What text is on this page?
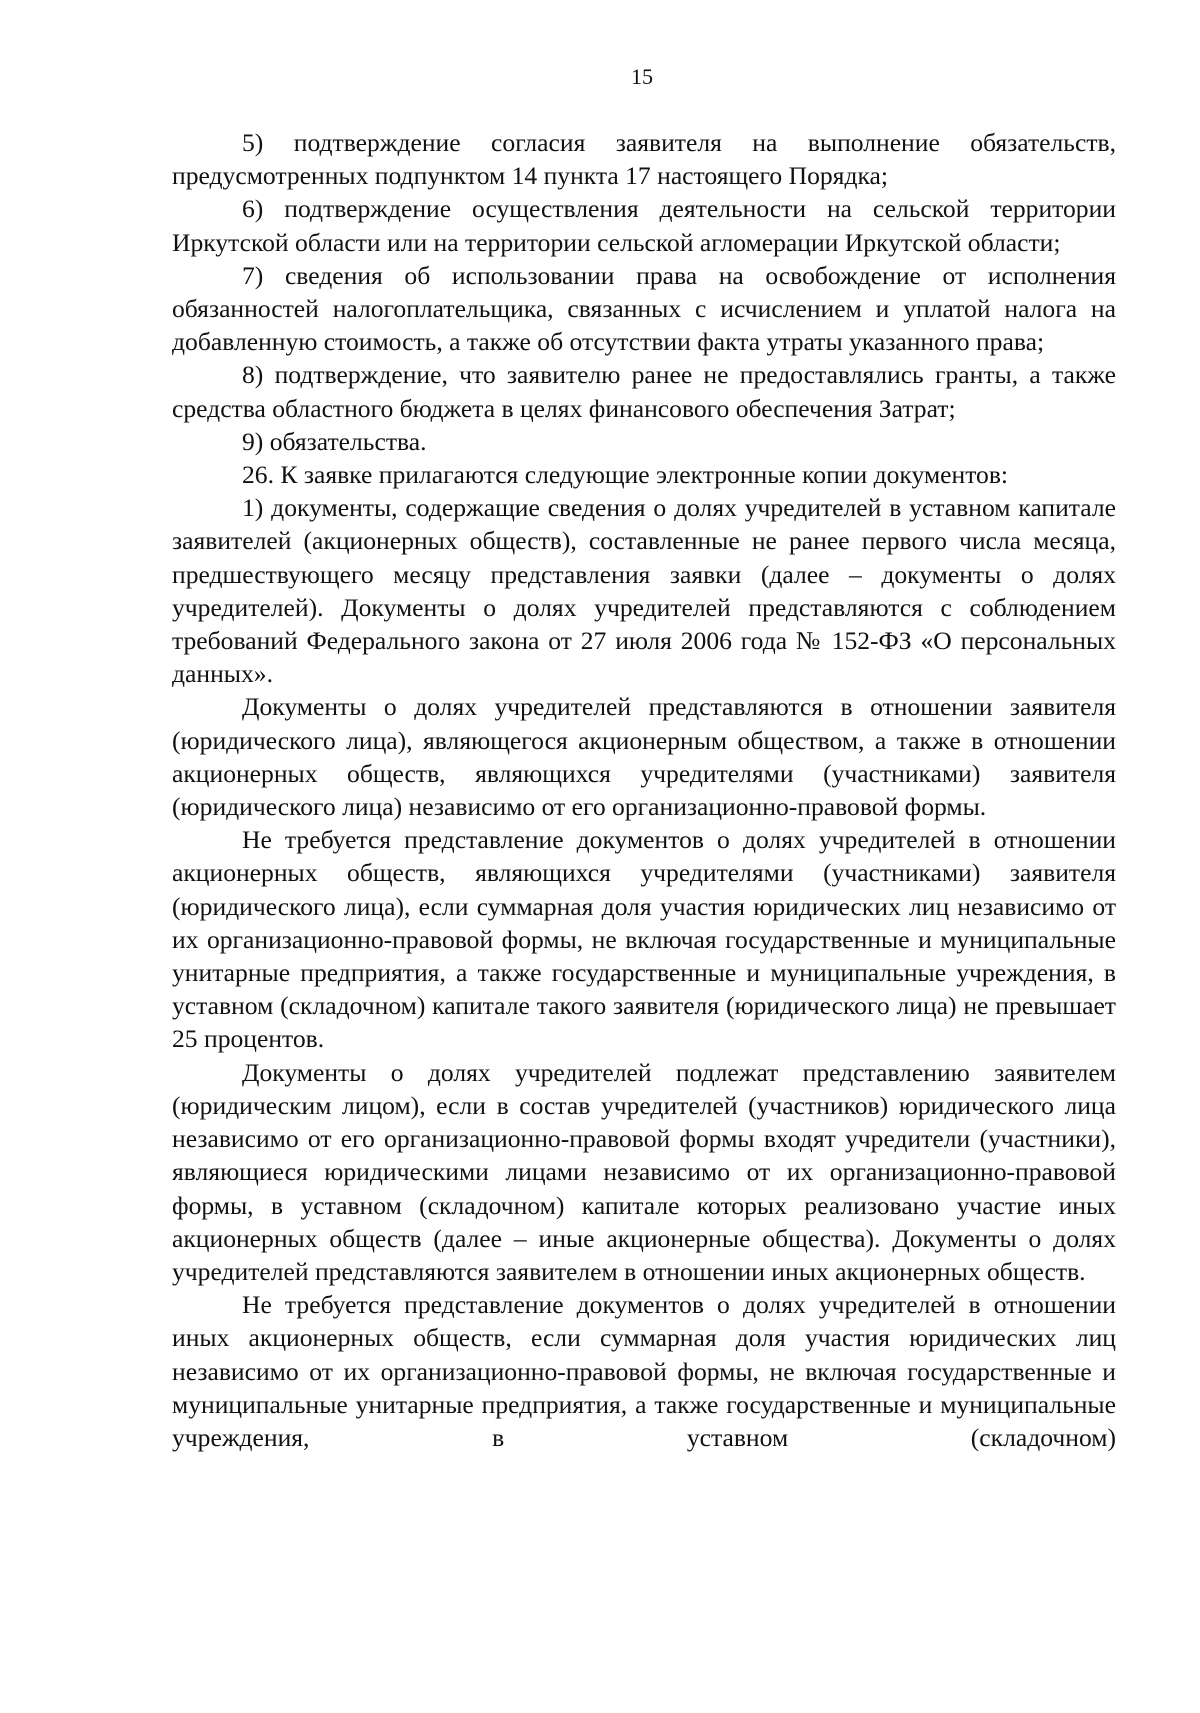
15

5) подтверждение согласия заявителя на выполнение обязательств, предусмотренных подпунктом 14 пункта 17 настоящего Порядка;

6) подтверждение осуществления деятельности на сельской территории Иркутской области или на территории сельской агломерации Иркутской области;

7) сведения об использовании права на освобождение от исполнения обязанностей налогоплательщика, связанных с исчислением и уплатой налога на добавленную стоимость, а также об отсутствии факта утраты указанного права;

8) подтверждение, что заявителю ранее не предоставлялись гранты, а также средства областного бюджета в целях финансового обеспечения Затрат;

9) обязательства.

26. К заявке прилагаются следующие электронные копии документов:

1) документы, содержащие сведения о долях учредителей в уставном капитале заявителей (акционерных обществ), составленные не ранее первого числа месяца, предшествующего месяцу представления заявки (далее – документы о долях учредителей). Документы о долях учредителей представляются с соблюдением требований Федерального закона от 27 июля 2006 года № 152-ФЗ «О персональных данных».

Документы о долях учредителей представляются в отношении заявителя (юридического лица), являющегося акционерным обществом, а также в отношении акционерных обществ, являющихся учредителями (участниками) заявителя (юридического лица) независимо от его организационно-правовой формы.

Не требуется представление документов о долях учредителей в отношении акционерных обществ, являющихся учредителями (участниками) заявителя (юридического лица), если суммарная доля участия юридических лиц независимо от их организационно-правовой формы, не включая государственные и муниципальные унитарные предприятия, а также государственные и муниципальные учреждения, в уставном (складочном) капитале такого заявителя (юридического лица) не превышает 25 процентов.

Документы о долях учредителей подлежат представлению заявителем (юридическим лицом), если в состав учредителей (участников) юридического лица независимо от его организационно-правовой формы входят учредители (участники), являющиеся юридическими лицами независимо от их организационно-правовой формы, в уставном (складочном) капитале которых реализовано участие иных акционерных обществ (далее – иные акционерные общества). Документы о долях учредителей представляются заявителем в отношении иных акционерных обществ.

Не требуется представление документов о долях учредителей в отношении иных акционерных обществ, если суммарная доля участия юридических лиц независимо от их организационно-правовой формы, не включая государственные и муниципальные унитарные предприятия, а также государственные и муниципальные учреждения, в уставном (складочном)
